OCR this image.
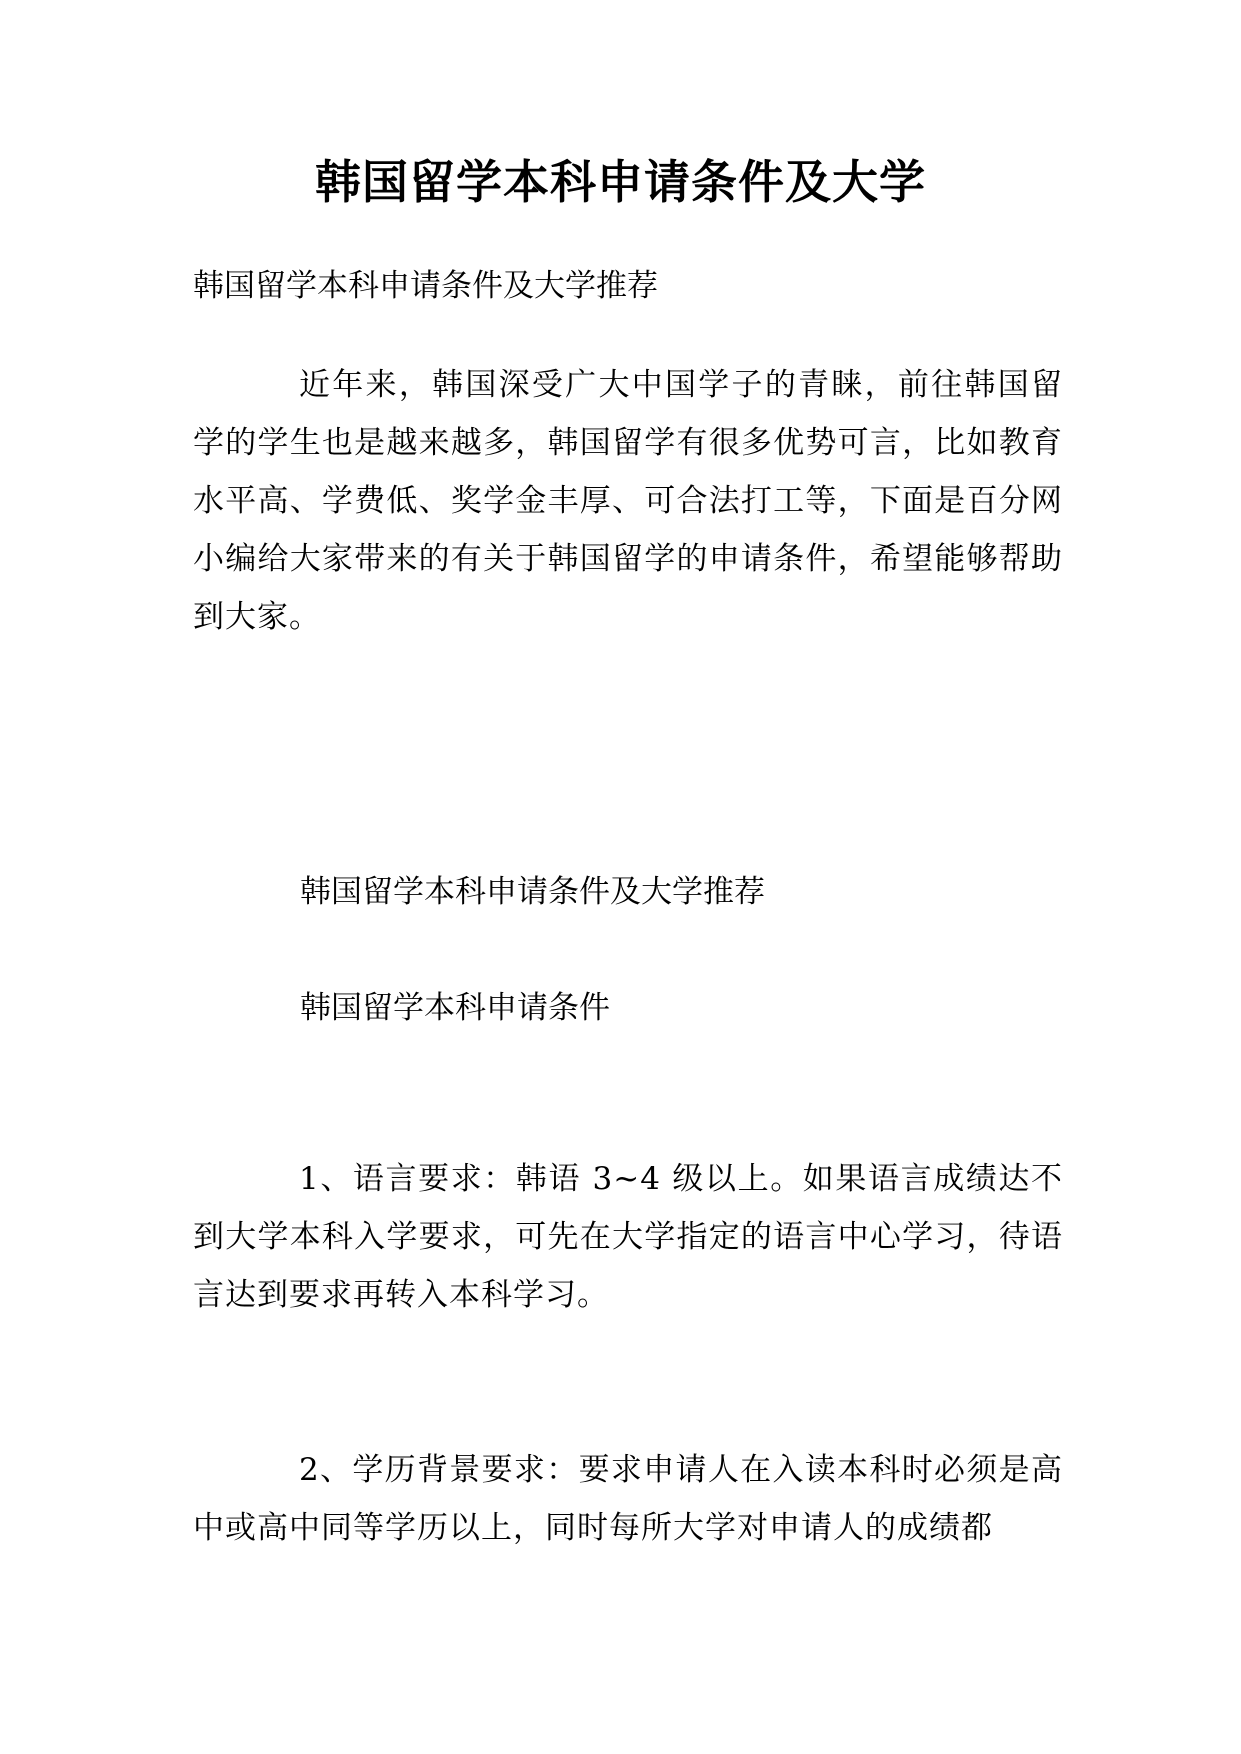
韩国留学本科申请条件及大学
韩国留学本科申请条件及大学推荐
近年来，韩国深受广大中国学子的青睐，前往韩国留学的学生也是越来越多，韩国留学有很多优势可言，比如教育水平高、学费低、奖学金丰厚、可合法打工等，下面是百分网小编给大家带来的有关于韩国留学的申请条件，希望能够帮助到大家。
韩国留学本科申请条件及大学推荐
韩国留学本科申请条件
1、语言要求：韩语 3~4 级以上。如果语言成绩达不到大学本科入学要求，可先在大学指定的语言中心学习，待语言达到要求再转入本科学习。
2、学历背景要求：要求申请人在入读本科时必须是高中或高中同等学历以上，同时每所大学对申请人的成绩都
